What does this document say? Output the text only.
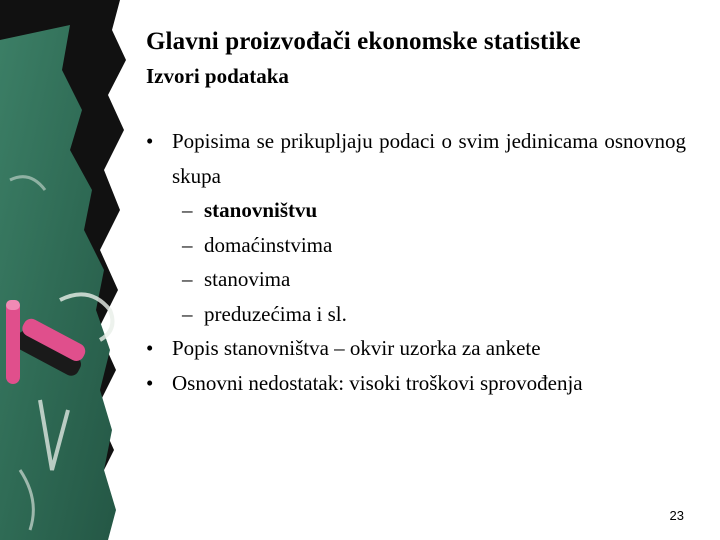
Glavni proizvođači ekonomske statistike
Izvori podataka
• Popisima se prikupljaju podaci o svim jedinicama osnovnog skupa
– stanovništvu
– domaćinstvima
– stanovima
– preduzećima i sl.
• Popis stanovništva – okvir uzorka za ankete
• Osnovni nedostatak: visoki troškovi sprovođenja
23
